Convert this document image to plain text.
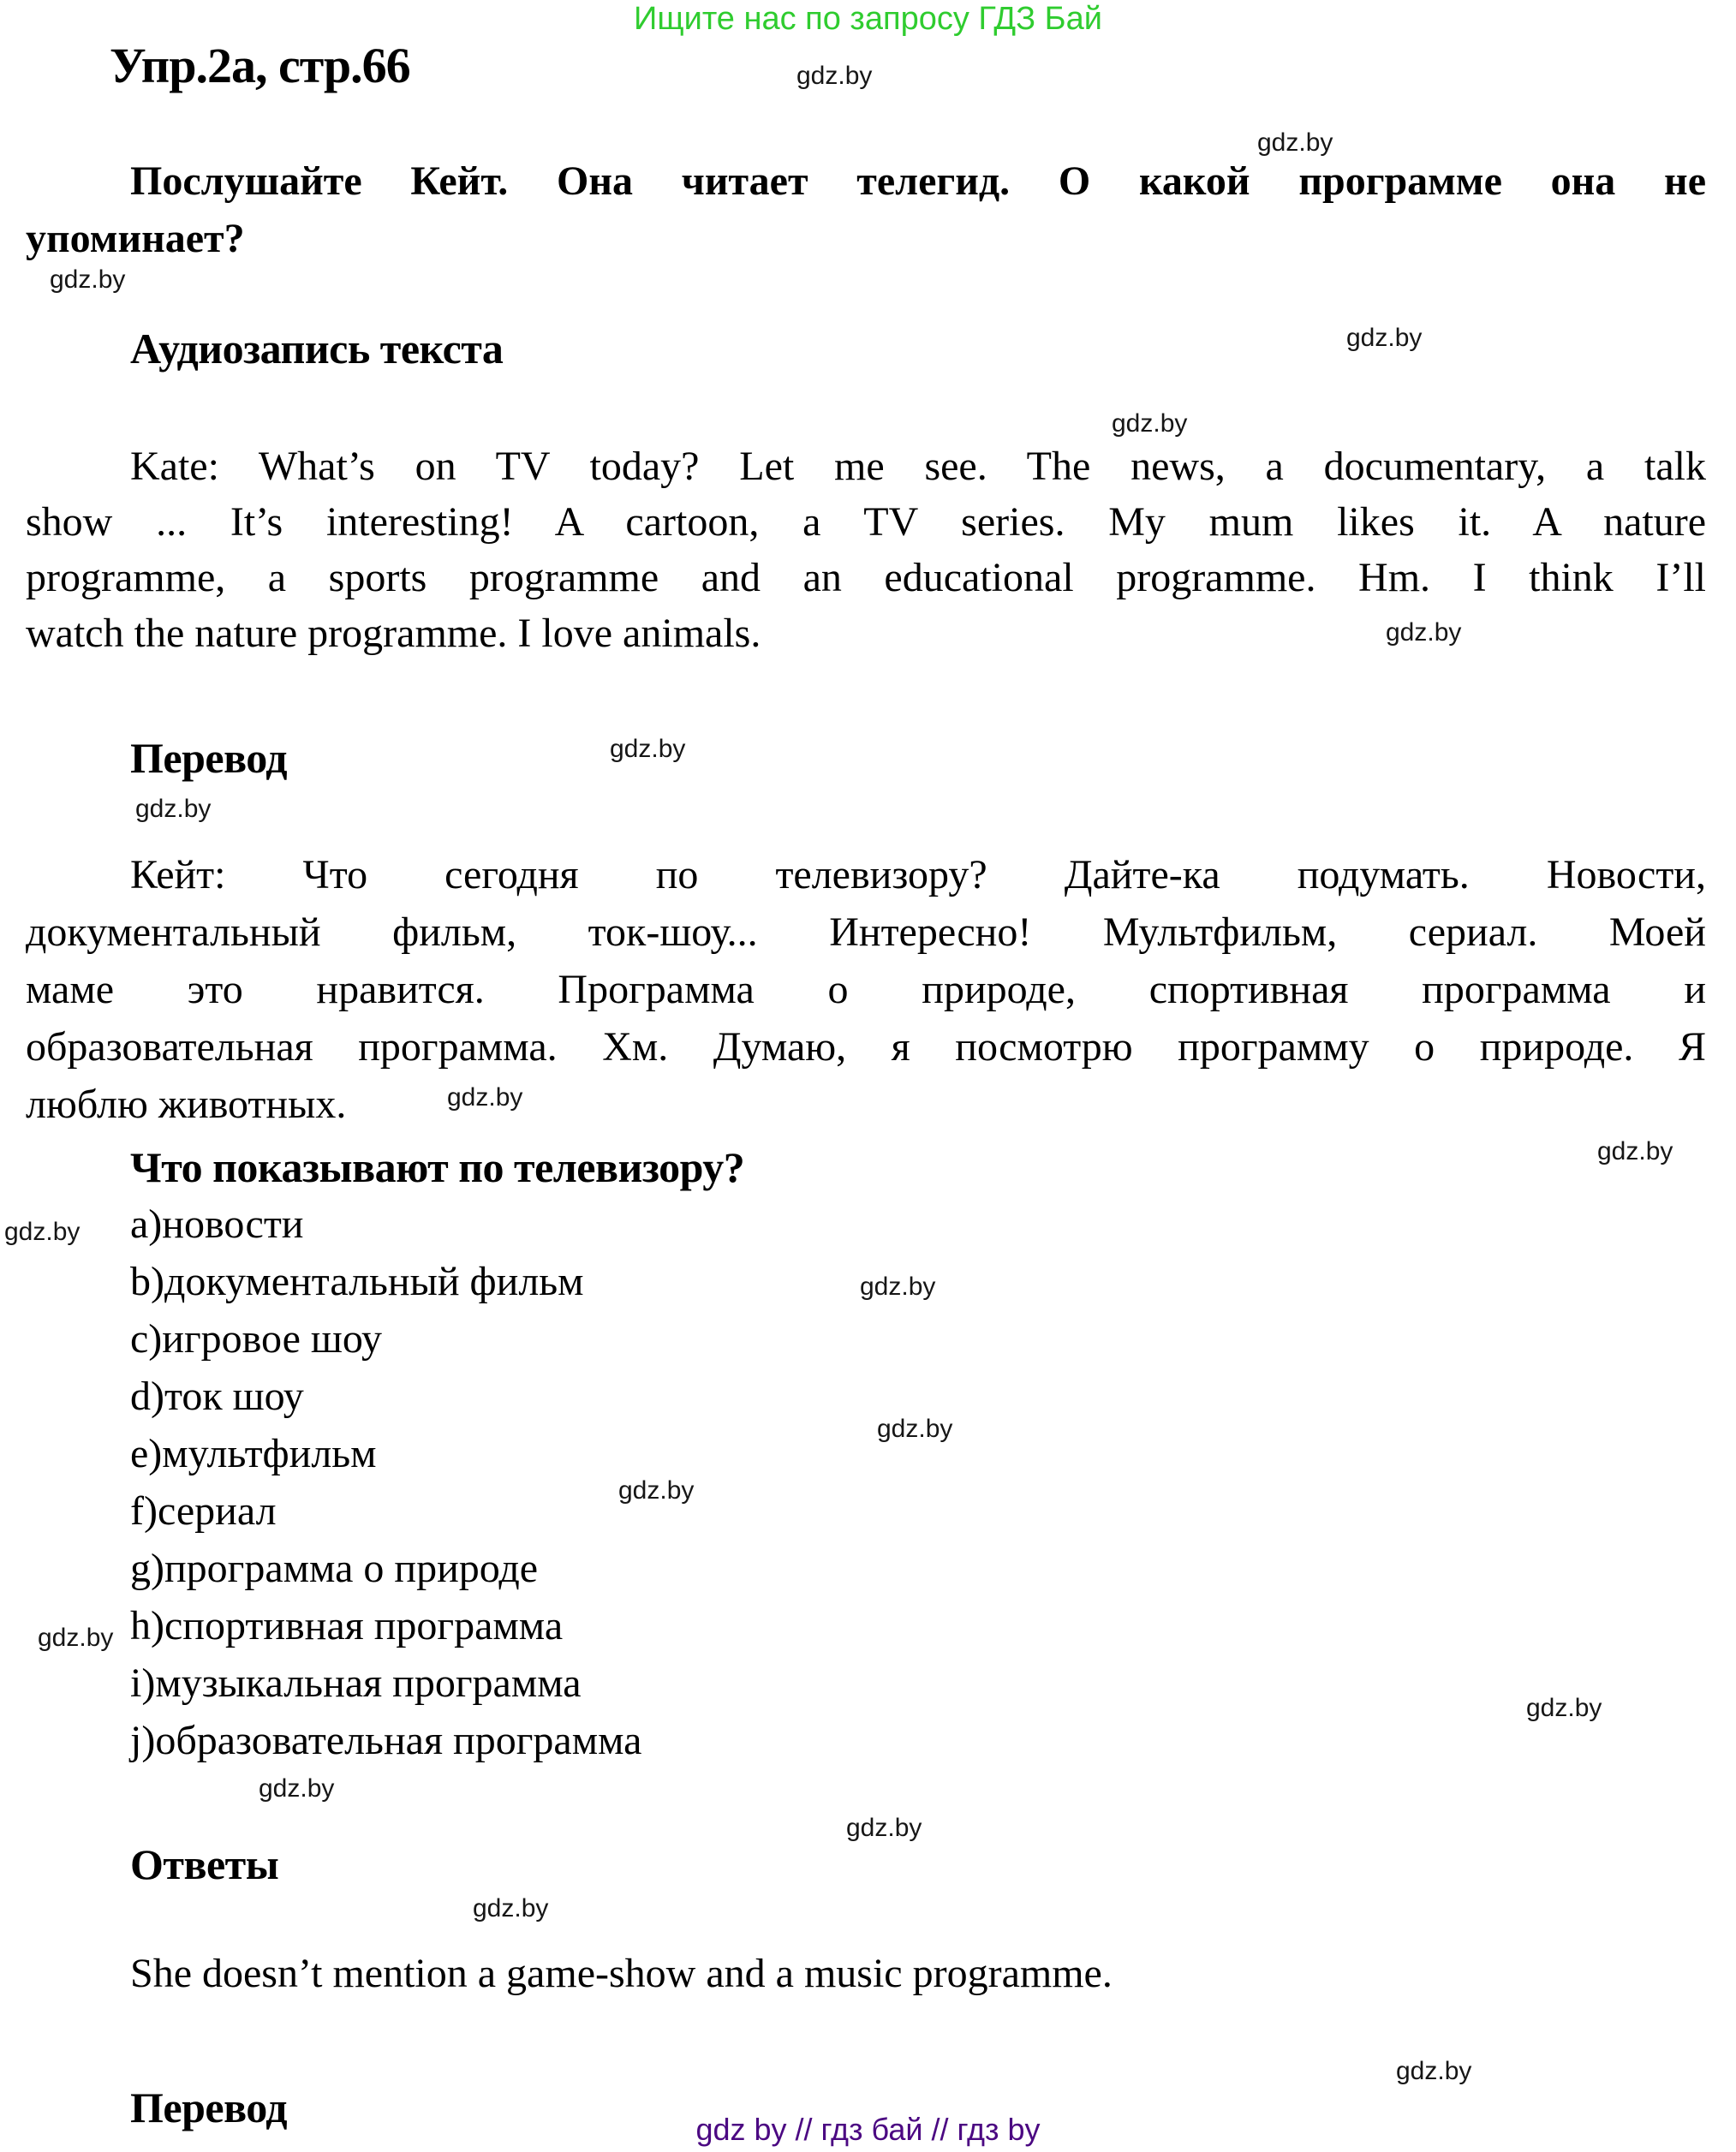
Ищите нас по запросу ГДЗ Бай
Упр.2а, стр.66
Послушайте Кейт. Она читает телегид. О какой программе она не
упоминает?
Аудиозапись текста
Kate: What’s on TV today? Let me see. The news, a documentary, a talk
show ... It’s interesting! A cartoon, a TV series. My mum likes it. A nature
programme, a sports programme and an educational programme. Hm. I think I’ll
watch the nature programme. I love animals.
Перевод
Кейт: Что сегодня по телевизору? Дайте-ка подумать. Новости,
документальный фильм, ток-шоу... Интересно! Мультфильм, сериал. Моей
маме это нравится. Программа о природе, спортивная программа и
образовательная программа. Хм. Думаю, я посмотрю программу о природе. Я
люблю животных.
Что показывают по телевизору?
a)новости
b)документальный фильм
c)игровое шоу
d)ток шоу
e)мультфильм
f)сериал
g)программа о природе
h)спортивная программа
i)музыкальная программа
j)образовательная программа
Ответы
She doesn’t mention a game-show and a music programme.
Перевод	gdz by // гдз бай // гдз by
gdz.by
gdz.by
gdz.by
gdz.by
gdz.by
gdz.by
gdz.by
gdz.by
gdz.by
gdz.by
gdz.by
gdz.by
gdz.by
gdz.by
gdz.by
gdz.by
gdz.by
gdz.by
gdz.by
gdz.by
